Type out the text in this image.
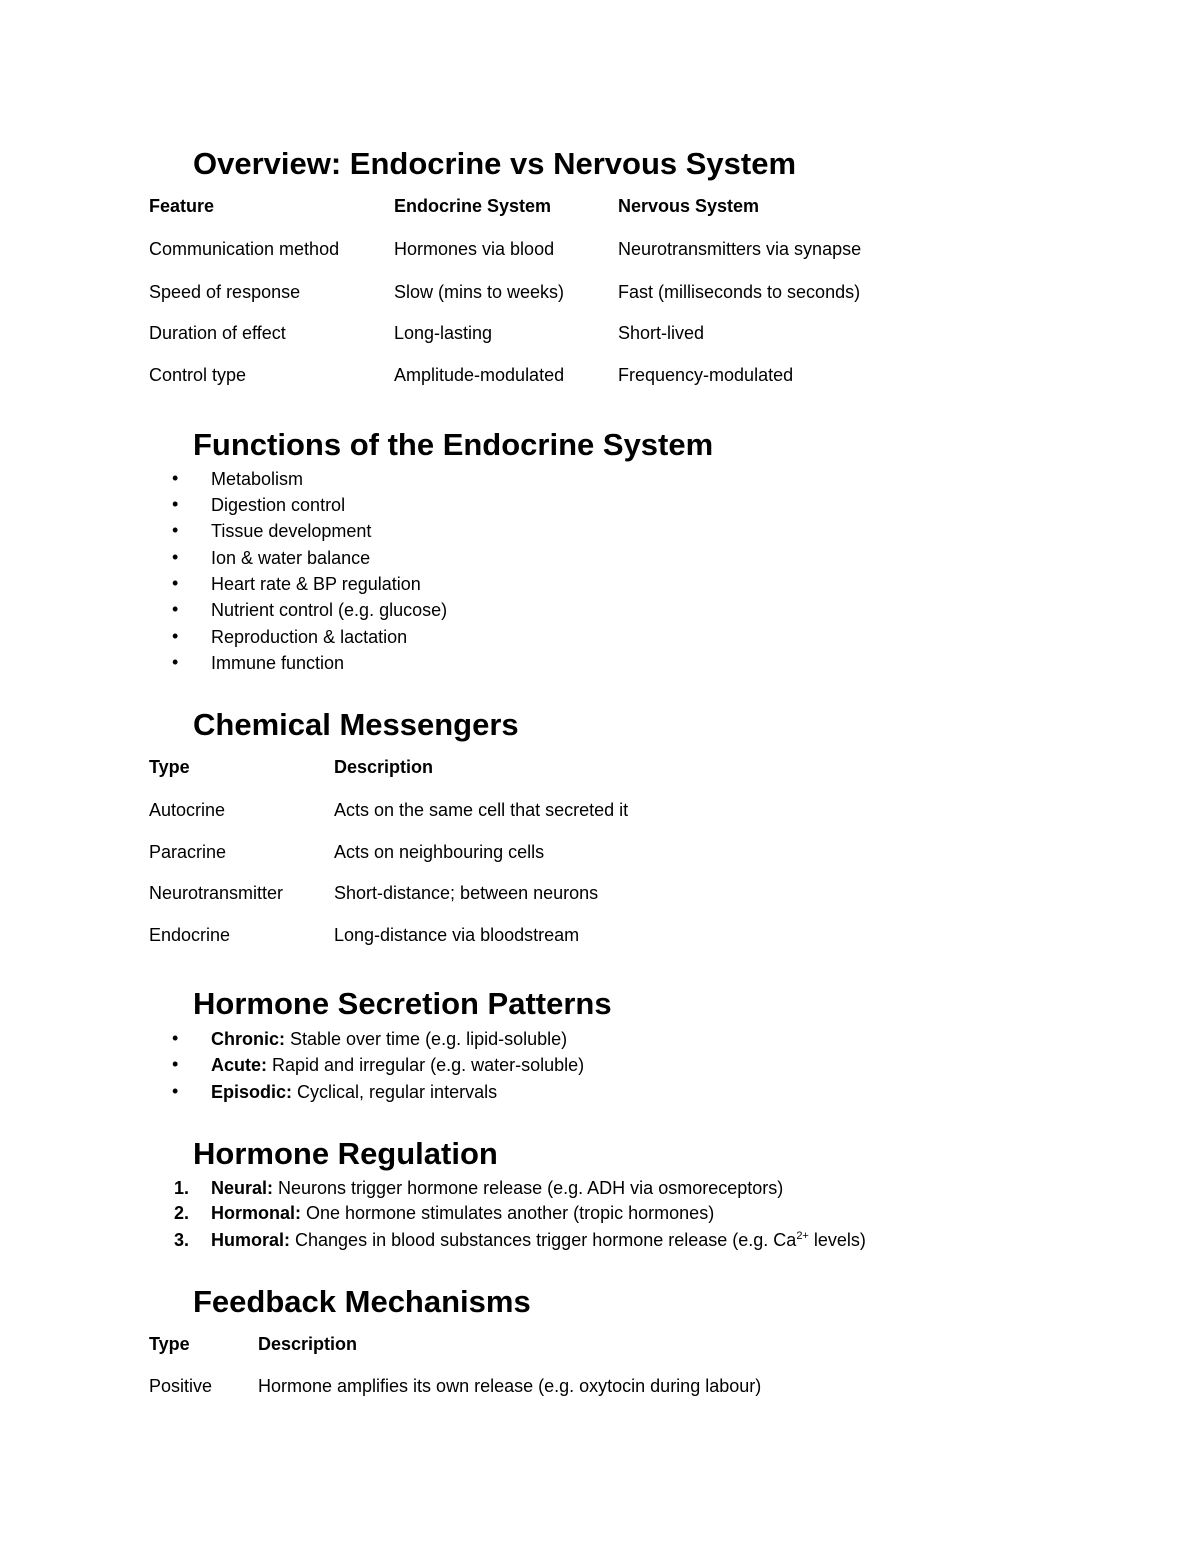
Overview: Endocrine vs Nervous System
Feature	Endocrine System	Nervous System
Communication method	Hormones via blood	Neurotransmitters via synapse
Speed of response	Slow (mins to weeks)	Fast (milliseconds to seconds)
Duration of effect	Long-lasting	Short-lived
Control type	Amplitude-modulated	Frequency-modulated
Functions of the Endocrine System
• Metabolism
• Digestion control
• Tissue development
• Ion & water balance
• Heart rate & BP regulation
• Nutrient control (e.g. glucose)
• Reproduction & lactation
• Immune function
Chemical Messengers
Type	Description
Autocrine	Acts on the same cell that secreted it
Paracrine	Acts on neighbouring cells
Neurotransmitter	Short-distance; between neurons
Endocrine	Long-distance via bloodstream
Hormone Secretion Patterns
• Chronic: Stable over time (e.g. lipid-soluble)
• Acute: Rapid and irregular (e.g. water-soluble)
• Episodic: Cyclical, regular intervals
Hormone Regulation
1. Neural: Neurons trigger hormone release (e.g. ADH via osmoreceptors)
2. Hormonal: One hormone stimulates another (tropic hormones)
3. Humoral: Changes in blood substances trigger hormone release (e.g. $Ca^{2+}$ levels)
Feedback Mechanisms
Type	Description
Positive	Hormone amplifies its own release (e.g. oxytocin during labour)
